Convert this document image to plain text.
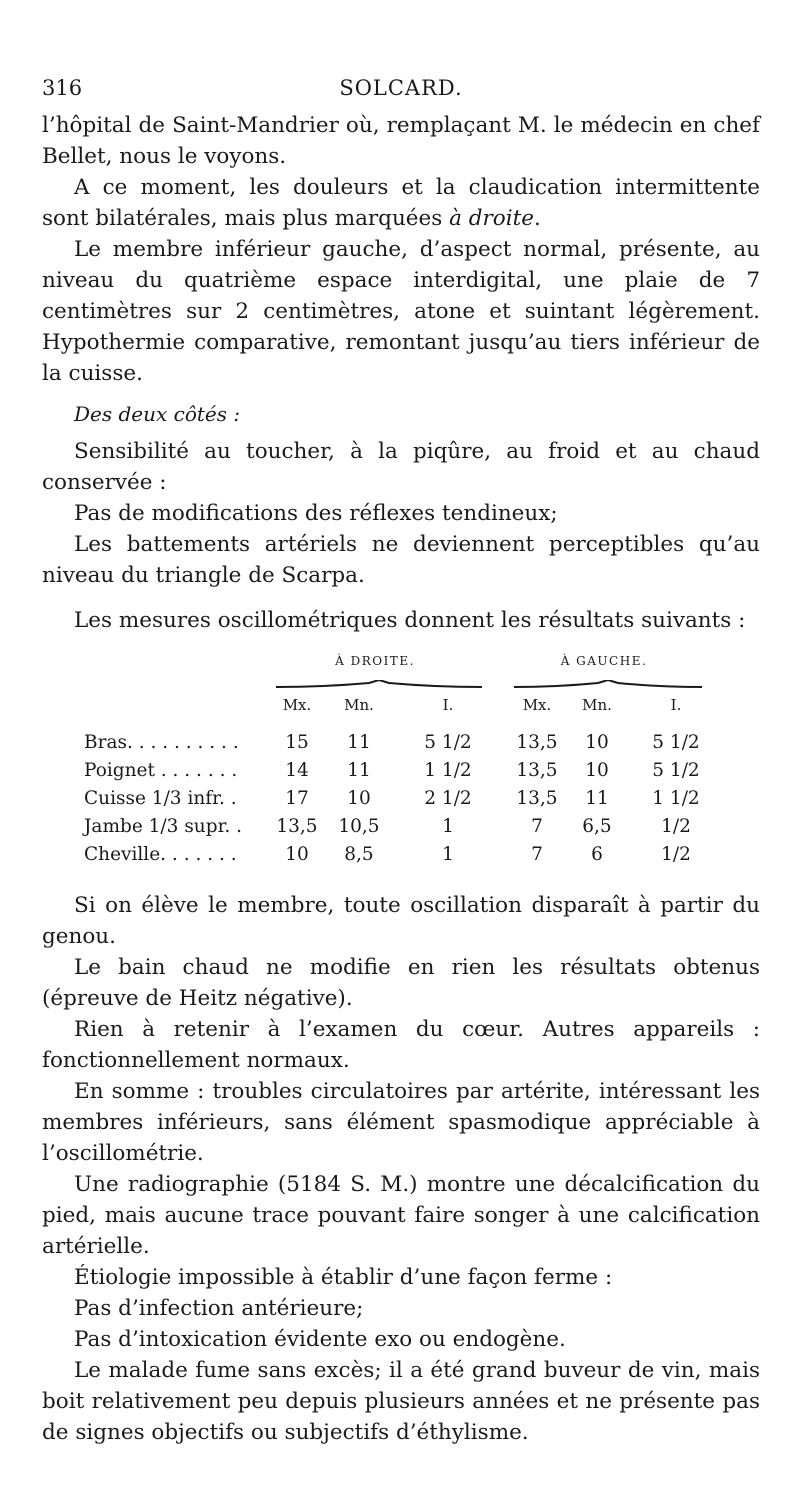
316	SOLCARD.

l’hôpital de Saint-Mandrier où, remplaçant M. le médecin en chef Bellet, nous le voyons.

A ce moment, les douleurs et la claudication intermittente sont bilatérales, mais plus marquées à droite.

Le membre inférieur gauche, d’aspect normal, présente, au niveau du quatrième espace interdigital, une plaie de 7 centimètres sur 2 centimètres, atone et suintant légèrement. Hypothermie comparative, remontant jusqu’au tiers inférieur de la cuisse.

Des deux côtés :

Sensibilité au toucher, à la piqûre, au froid et au chaud conservée :

Pas de modifications des réflexes tendineux;

Les battements artériels ne deviennent perceptibles qu’au niveau du triangle de Scarpa.

Les mesures oscillométriques donnent les résultats suivants :

À DROITE.	À GAUCHE.
Mx.	Mn.	I.	Mx.	Mn.	I.
Bras. . . . . . . . . .	15	11	5 1/2	13,5	10	5 1/2
Poignet . . . . . . .	14	11	1 1/2	13,5	10	5 1/2
Cuisse 1/3 infr. .	17	10	2 1/2	13,5	11	1 1/2
Jambe 1/3 supr. . 13,5 10,5	1	7	6,5	1/2
Cheville. . . . . . .	10	8,5	1	7	6	1/2

Si on élève le membre, toute oscillation disparaît à partir du genou.

Le bain chaud ne modifie en rien les résultats obtenus (épreuve de Heitz négative).

Rien à retenir à l’examen du cœur. Autres appareils : fonctionnellement normaux.

En somme : troubles circulatoires par artérite, intéressant les membres inférieurs, sans élément spasmodique appréciable à l’oscillométrie.

Une radiographie (5184 S. M.) montre une décalcification du pied, mais aucune trace pouvant faire songer à une calcification artérielle.

Étiologie impossible à établir d’une façon ferme :

Pas d’infection antérieure;

Pas d’intoxication évidente exo ou endogène.

Le malade fume sans excès; il a été grand buveur de vin, mais boit relativement peu depuis plusieurs années et ne présente pas de signes objectifs ou subjectifs d’éthylisme.
